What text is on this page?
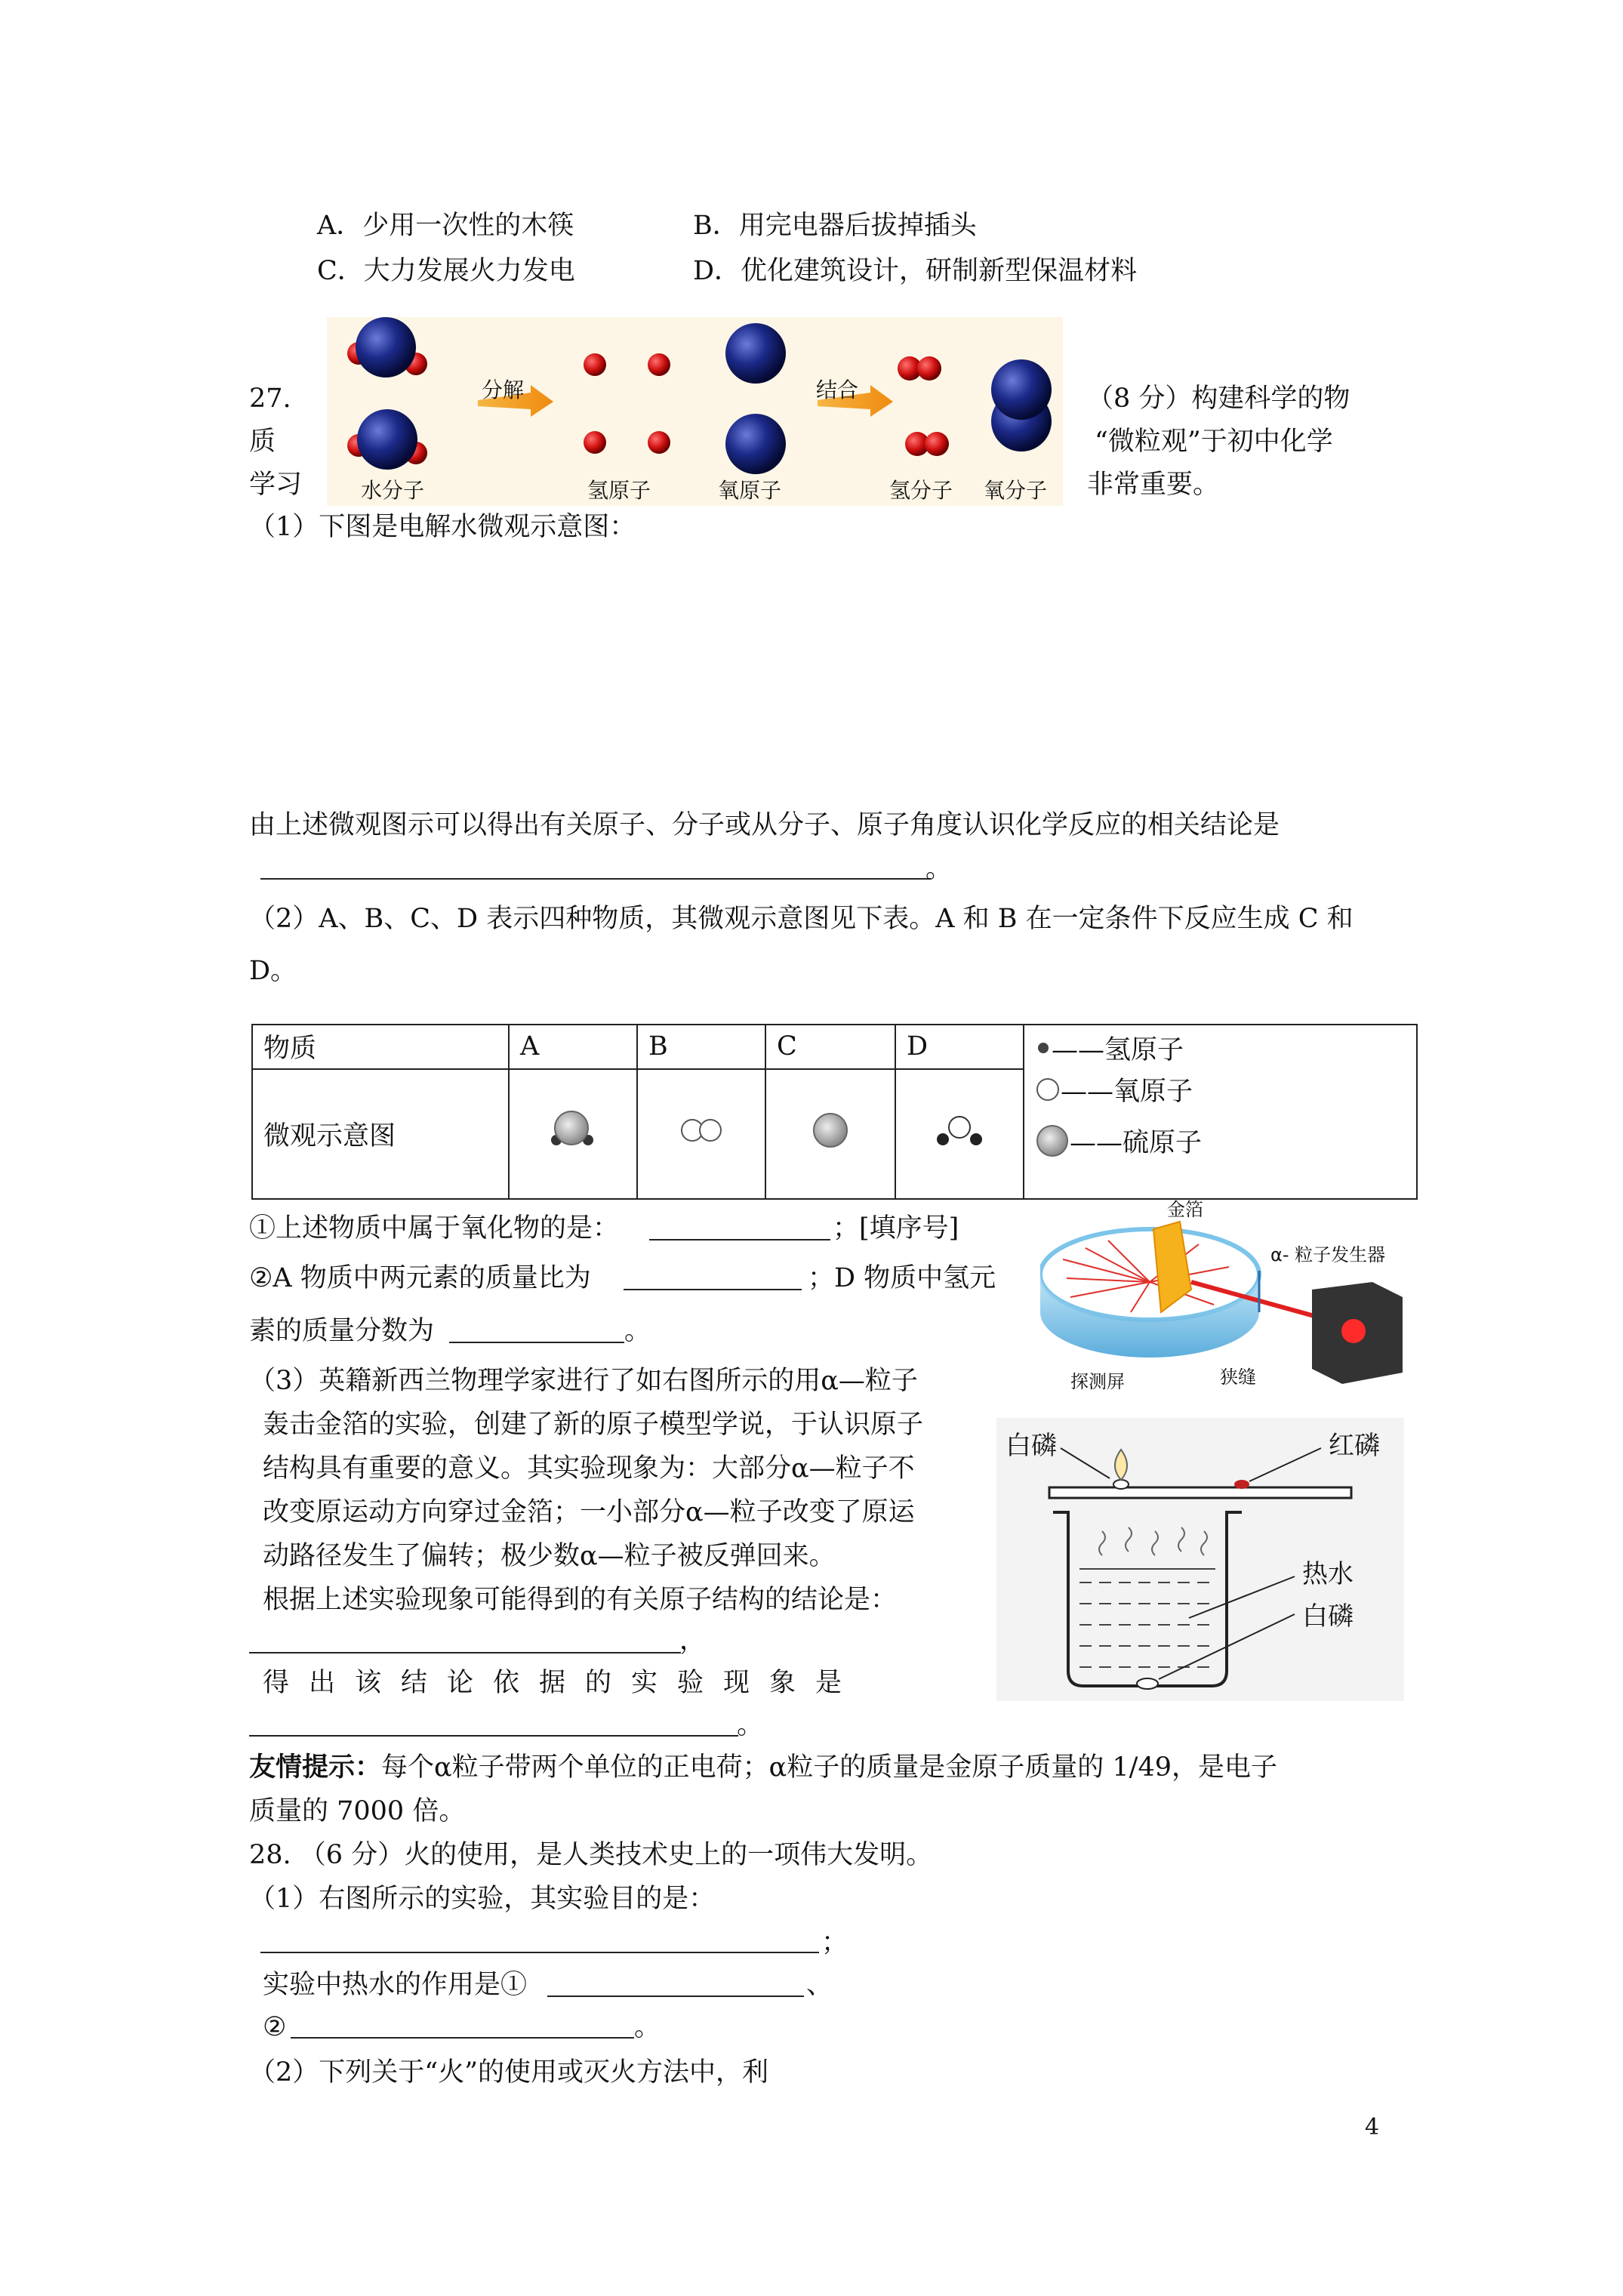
A．少用一次性的木筷	B．用完电器后拔掉插头
C．大力发展火力发电	D．优化建筑设计，研制新型保温材料
27.
质
学习
（8 分）构建科学的物
“微粒观”于初中化学
非常重要。
分解	结合
水分子	氢原子	氧原子	氢分子 氧分子
（1）下图是电解水微观示意图：
由上述微观图示可以得出有关原子、分子或从分子、原子角度认识化学反应的相关结论是
。
（2）A、B、C、D 表示四种物质，其微观示意图见下表。A 和 B 在一定条件下反应生成 C 和
D。
物质	A	B	C	D	——氢原子
——氧原子
——硫原子

微观示意图				
①上述物质中属于氧化物的是：	；[填序号]
②A 物质中两元素的质量比为	；D 物质中氢元
素的质量分数为	。
金箔
α- 粒子发生器
探测屏	狭缝
（3）英籍新西兰物理学家进行了如右图所示的用α—粒子
轰击金箔的实验，创建了新的原子模型学说，于认识原子
结构具有重要的意义。其实验现象为：大部分α—粒子不
改变原运动方向穿过金箔；一小部分α—粒子改变了原运
动路径发生了偏转；极少数α—粒子被反弹回来。
根据上述实验现象可能得到的有关原子结构的结论是：
，
得出该结论依据的实验现象是
。
友情提示：每个α粒子带两个单位的正电荷；α粒子的质量是金原子质量的 1/49，是电子
质量的 7000 倍。
白磷	红磷
热水
白磷
28. （6 分）火的使用，是人类技术史上的一项伟大发明。
（1）右图所示的实验，其实验目的是：
；
实验中热水的作用是①	、
②	。
（2）下列关于“火”的使用或灭火方法中，利
4
